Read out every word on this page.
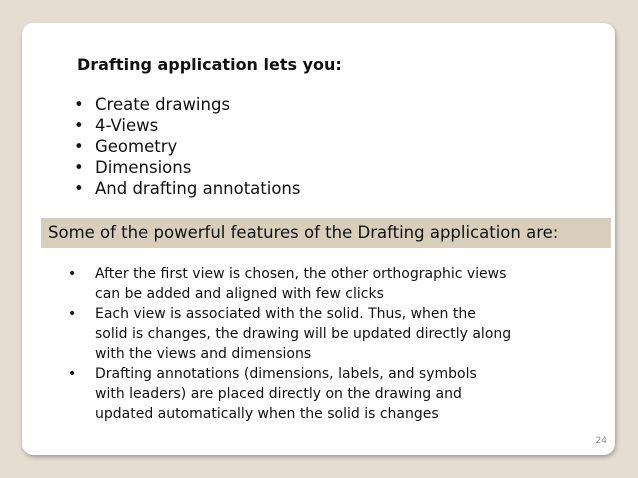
Drafting application lets you:
• Create drawings
• 4-Views
• Geometry
• Dimensions
• And drafting annotations
Some of the powerful features of the Drafting application are:
•	After the first view is chosen, the other orthographic views
can be added and aligned with few clicks
•	Each view is associated with the solid. Thus, when the
solid is changes, the drawing will be updated directly along
with the views and dimensions
•	Drafting annotations (dimensions, labels, and symbols
with leaders) are placed directly on the drawing and
updated automatically when the solid is changes
24
